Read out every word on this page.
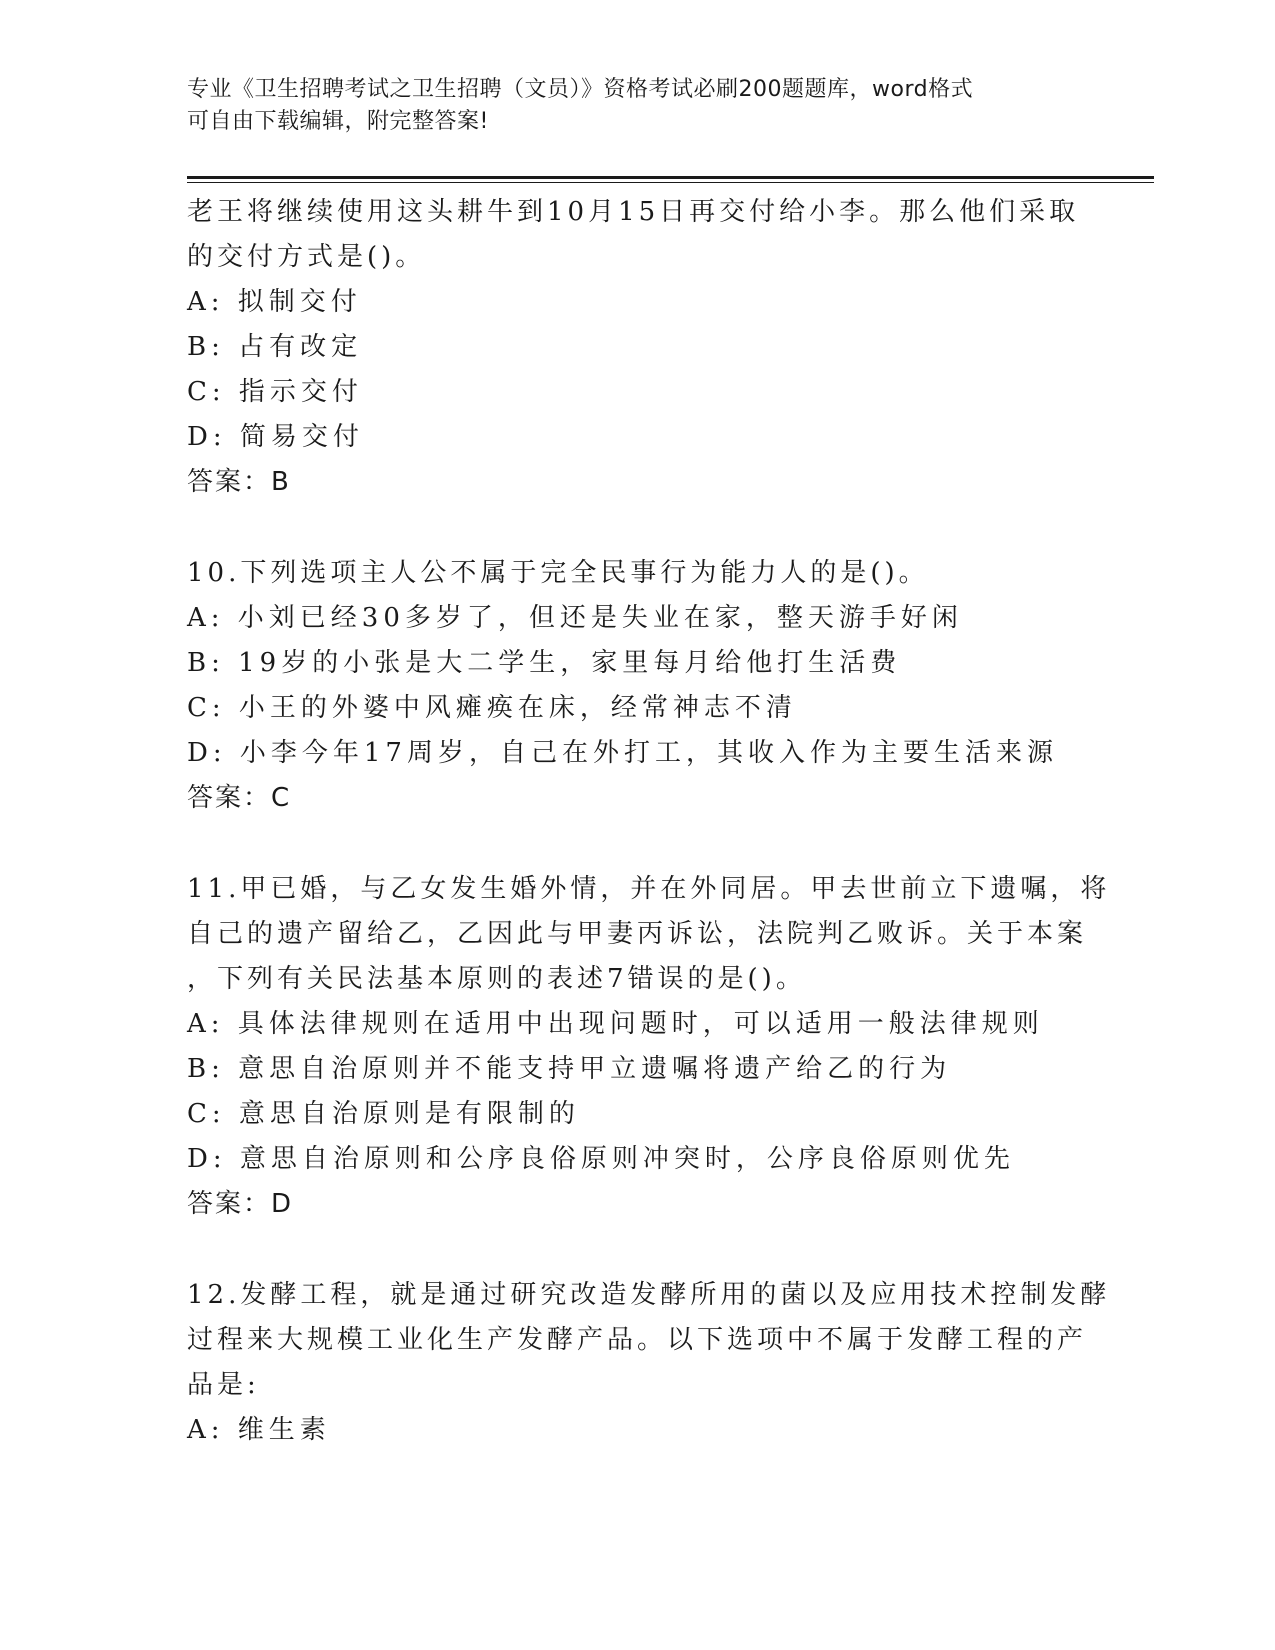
专业《卫生招聘考试之卫生招聘（文员）》资格考试必刷200题题库，word格式
可自由下载编辑，附完整答案!
老王将继续使用这头耕牛到10月15日再交付给小李。那么他们采取
的交付方式是()。
A: 拟制交付
B: 占有改定
C: 指示交付
D: 简易交付
答案：B
10.下列选项主人公不属于完全民事行为能力人的是()。
A: 小刘已经30多岁了，但还是失业在家，整天游手好闲
B: 19岁的小张是大二学生，家里每月给他打生活费
C: 小王的外婆中风瘫痪在床，经常神志不清
D: 小李今年17周岁，自己在外打工，其收入作为主要生活来源
答案：C
11.甲已婚，与乙女发生婚外情，并在外同居。甲去世前立下遗嘱，将
自己的遗产留给乙，乙因此与甲妻丙诉讼，法院判乙败诉。关于本案
，下列有关民法基本原则的表述7错误的是()。
A: 具体法律规则在适用中出现问题时，可以适用一般法律规则
B: 意思自治原则并不能支持甲立遗嘱将遗产给乙的行为
C: 意思自治原则是有限制的
D: 意思自治原则和公序良俗原则冲突时，公序良俗原则优先
答案：D
12.发酵工程，就是通过研究改造发酵所用的菌以及应用技术控制发酵
过程来大规模工业化生产发酵产品。以下选项中不属于发酵工程的产
品是:
A: 维生素
